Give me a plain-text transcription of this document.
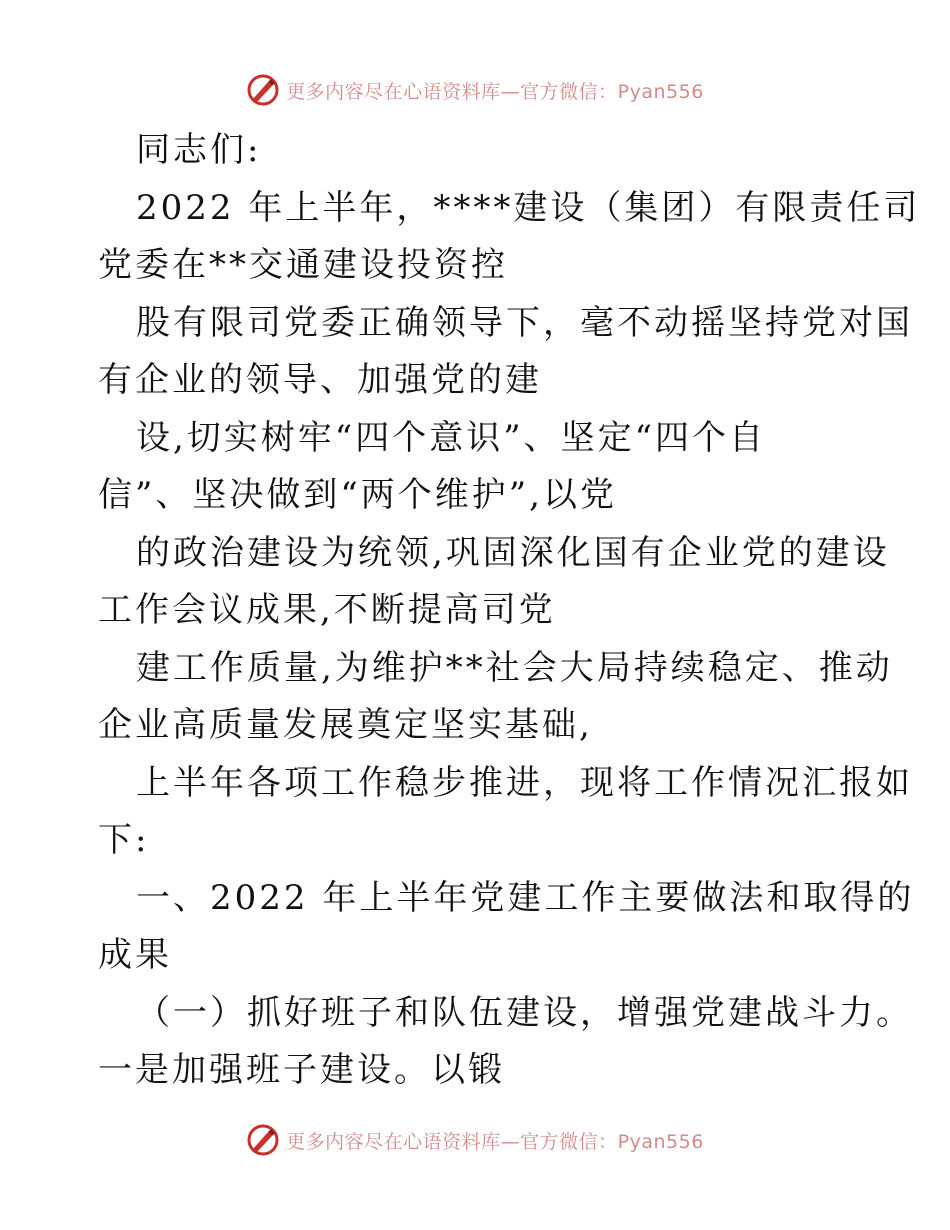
更多内容尽在心语资料库—官方微信：Pyan556
同志们:
2022 年上半年，****建设（集团）有限责任司
党委在**交通建设投资控
股有限司党委正确领导下，毫不动摇坚持党对国
有企业的领导、加强党的建
设,切实树牢“四个意识”、坚定“四个自
信”、坚决做到“两个维护”,以党
的政治建设为统领,巩固深化国有企业党的建设
工作会议成果,不断提高司党
建工作质量,为维护**社会大局持续稳定、推动
企业高质量发展奠定坚实基础,
上半年各项工作稳步推进，现将工作情况汇报如
下:
一、2022 年上半年党建工作主要做法和取得的
成果
（一）抓好班子和队伍建设，增强党建战斗力。
一是加强班子建设。以锻
更多内容尽在心语资料库—官方微信：Pyan556
